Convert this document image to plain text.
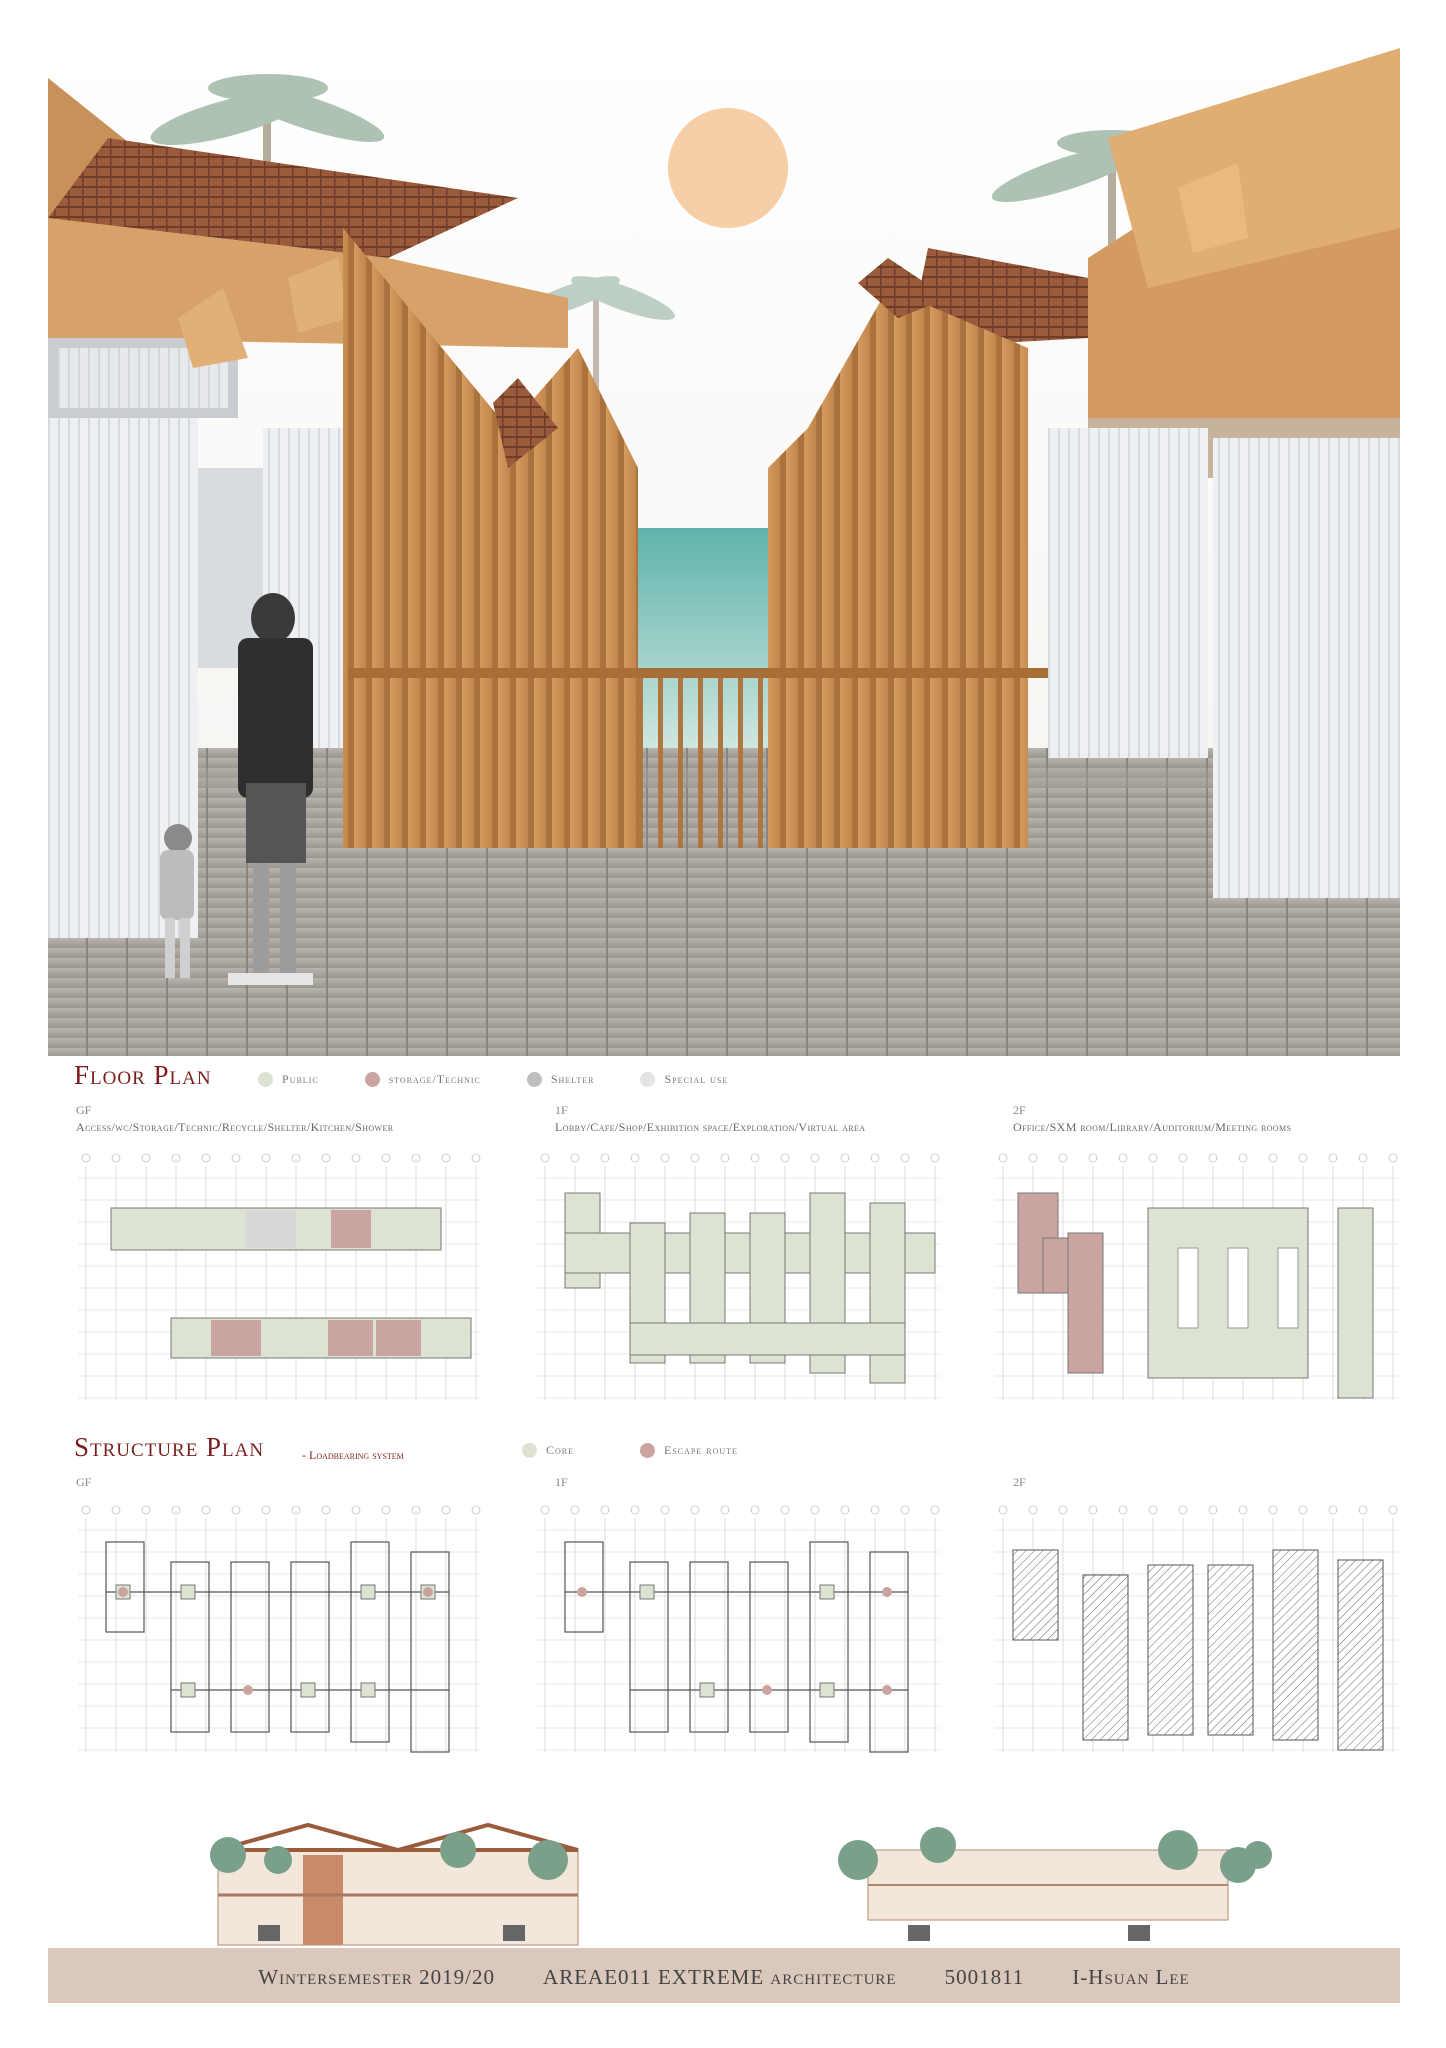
Floor Plan	Public	storage/Technic	Shelter	Special use
GF
Access/wc/Storage/Technic/Recycle/Shelter/Kitchen/Shower
1F
Lobby/Cafe/Shop/Exhibition space/Exploration/Virtual area
2F
Office/SXM room/Library/Auditorium/Meeting rooms
Structure Plan	- Loadbearing system	Core	Escape route
GF	1F	2F
Wintersemester 2019/20 AREAE011 EXTREME architecture 5001811 I-Hsuan Lee
